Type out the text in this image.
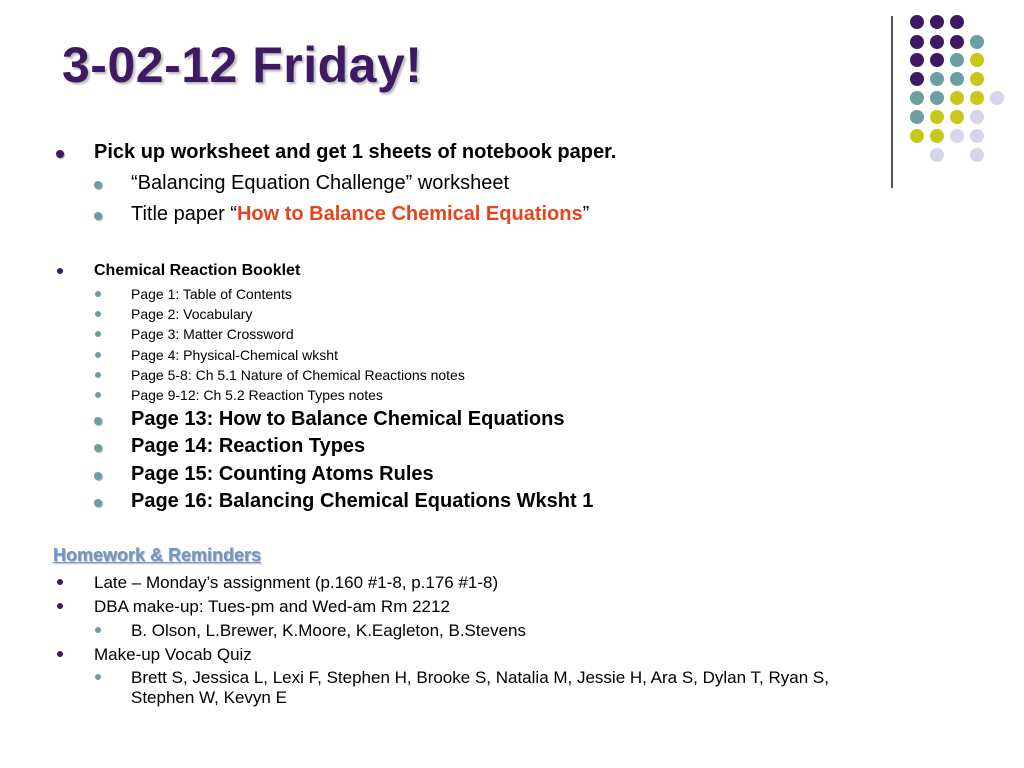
3-02-12 Friday!
Pick up worksheet and get 1 sheets of notebook paper.
“Balancing Equation Challenge” worksheet
Title paper “How to Balance Chemical Equations”
Chemical Reaction Booklet
Page 1: Table of Contents
Page 2: Vocabulary
Page 3: Matter Crossword
Page 4: Physical-Chemical wksht
Page 5-8: Ch 5.1 Nature of Chemical Reactions notes
Page 9-12: Ch 5.2 Reaction Types notes
Page 13: How to Balance Chemical Equations
Page 14: Reaction Types
Page 15: Counting Atoms Rules
Page 16: Balancing Chemical Equations Wksht 1
Homework & Reminders
Late – Monday’s assignment (p.160 #1-8, p.176 #1-8)
DBA make-up: Tues-pm and Wed-am Rm 2212
B. Olson, L.Brewer, K.Moore, K.Eagleton, B.Stevens
Make-up Vocab Quiz
Brett S, Jessica L, Lexi F, Stephen H, Brooke S, Natalia M, Jessie H, Ara S, Dylan T, Ryan S,
Stephen W, Kevyn E
